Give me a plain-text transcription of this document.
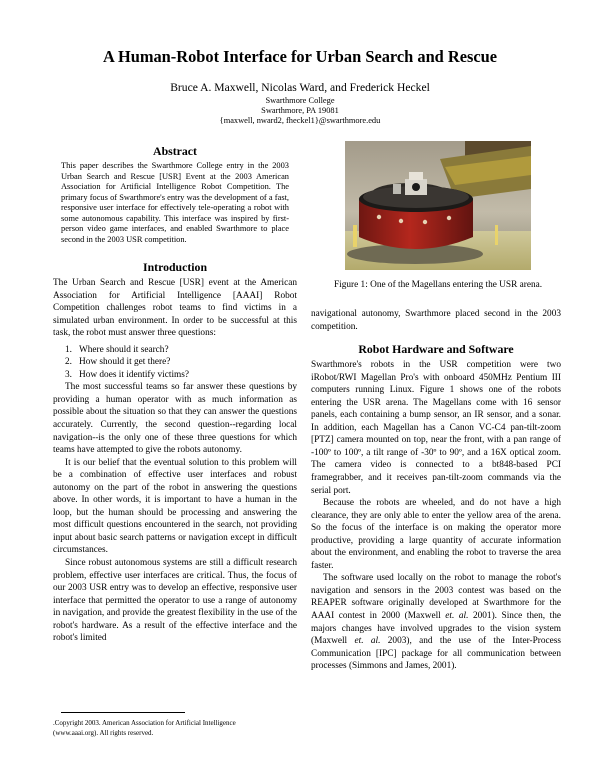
A Human-Robot Interface for Urban Search and Rescue
Bruce A. Maxwell, Nicolas Ward, and Frederick Heckel
Swarthmore College
Swarthmore, PA 19081
{maxwell, nward2, fheckel1}@swarthmore.edu
Abstract

This paper describes the Swarthmore College entry in the 2003 Urban Search and Rescue [USR] Event at the 2003 American Association for Artificial Intelligence Robot Competition. The primary focus of Swarthmore's entry was the development of a fast, responsive user interface for effectively tele-operating a robot with some autonomous capability. This interface was inspired by first-person video game interfaces, and enabled Swarthmore to place second in the 2003 USR competition.

Introduction

The Urban Search and Rescue [USR] event at the American Association for Artificial Intelligence [AAAI] Robot Competition challenges robot teams to find victims in a simulated urban environment. In order to be successful at this task, the robot must answer three questions:

1. Where should it search?
2. How should it get there?
3. How does it identify victims?

The most successful teams so far answer these questions by providing a human operator with as much information as possible about the situation so that they can answer the questions accurately. Currently, the second question--regarding local navigation--is the only one of these three questions for which teams have attempted to give the robots autonomy.

It is our belief that the eventual solution to this problem will be a combination of effective user interfaces and robust autonomy on the part of the robot in answering the questions above. In other words, it is important to have a human in the loop, but the human should be processing and answering the most difficult questions encountered in the search, not providing input about basic search patterns or navigation except in difficult circumstances.

Since robust autonomous systems are still a difficult research problem, effective user interfaces are critical. Thus, the focus of our 2003 USR entry was to develop an effective, responsive user interface that permitted the operator to use a range of autonomy in navigation, and provide the greatest flexibility in the use of the robot's hardware. As a result of the effective interface and the robot's limited

Figure 1: One of the Magellans entering the USR arena.

navigational autonomy, Swarthmore placed second in the 2003 competition.

Robot Hardware and Software

Swarthmore's robots in the USR competition were two iRobot/RWI Magellan Pro's with onboard 450MHz Pentium III computers running Linux. Figure 1 shows one of the robots entering the USR arena. The Magellans come with 16 sensor panels, each containing a bump sensor, an IR sensor, and a sonar. In addition, each Magellan has a Canon VC-C4 pan-tilt-zoom [PTZ] camera mounted on top, near the front, with a pan range of -100º to 100º, a tilt range of -30º to 90º, and a 16X optical zoom. The camera video is connected to a bt848-based PCI framegrabber, and it receives pan-tilt-zoom commands via the serial port.

Because the robots are wheeled, and do not have a high clearance, they are only able to enter the yellow area of the arena. So the focus of the interface is on making the operator more productive, providing a large quantity of accurate information about the environment, and enabling the robot to traverse the area faster.

The software used locally on the robot to manage the robot's navigation and sensors in the 2003 contest was based on the REAPER software originally developed at Swarthmore for the AAAI contest in 2000 (Maxwell et. al. 2001). Since then, the majors changes have involved upgrades to the vision system (Maxwell et. al. 2003), and the use of the Inter-Process Communication [IPC] package for all communication between processes (Simmons and James, 2001).

.Copyright 2003. American Association for Artificial Intelligence
(www.aaai.org). All rights reserved.
